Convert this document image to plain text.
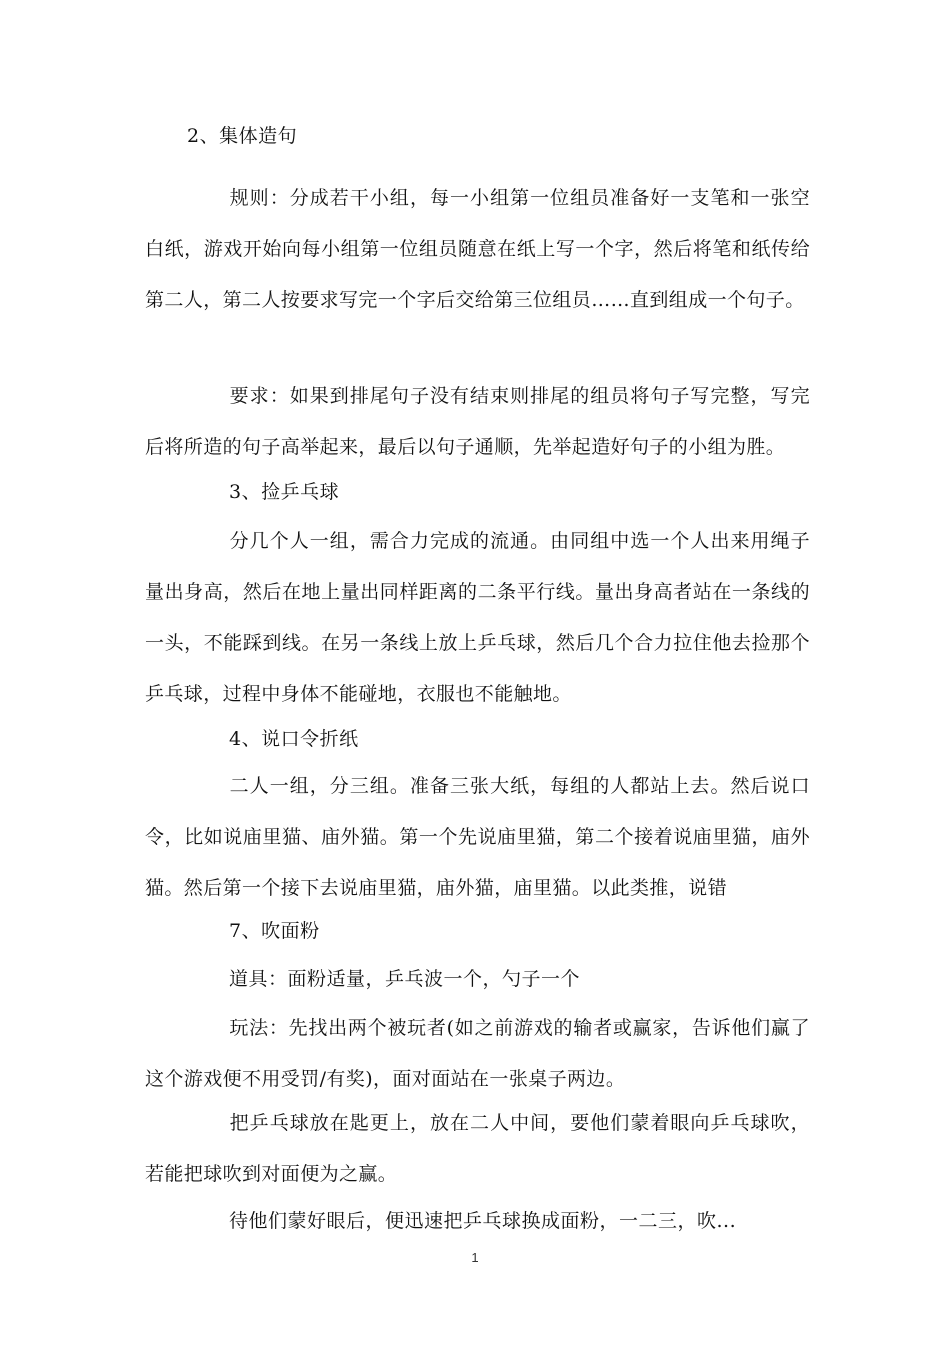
2、集体造句
规则：分成若干小组，每一小组第一位组员准备好一支笔和一张空白纸，游戏开始向每小组第一位组员随意在纸上写一个字，然后将笔和纸传给第二人，第二人按要求写完一个字后交给第三位组员……直到组成一个句子。
要求：如果到排尾句子没有结束则排尾的组员将句子写完整，写完后将所造的句子高举起来，最后以句子通顺，先举起造好句子的小组为胜。
3、捡乒乓球
分几个人一组，需合力完成的流通。由同组中选一个人出来用绳子量出身高，然后在地上量出同样距离的二条平行线。量出身高者站在一条线的一头，不能踩到线。在另一条线上放上乒乓球，然后几个合力拉住他去捡那个乒乓球，过程中身体不能碰地，衣服也不能触地。
4、说口令折纸
二人一组，分三组。准备三张大纸，每组的人都站上去。然后说口令，比如说庙里猫、庙外猫。第一个先说庙里猫，第二个接着说庙里猫，庙外猫。然后第一个接下去说庙里猫，庙外猫，庙里猫。以此类推，说错
7、吹面粉
道具：面粉适量，乒乓波一个，勺子一个
玩法：先找出两个被玩者(如之前游戏的输者或赢家，告诉他们赢了这个游戏便不用受罚/有奖)，面对面站在一张桌子两边。
把乒乓球放在匙更上，放在二人中间，要他们蒙着眼向乒乓球吹，若能把球吹到对面便为之赢。
待他们蒙好眼后，便迅速把乒乓球换成面粉，一二三，吹...
1
